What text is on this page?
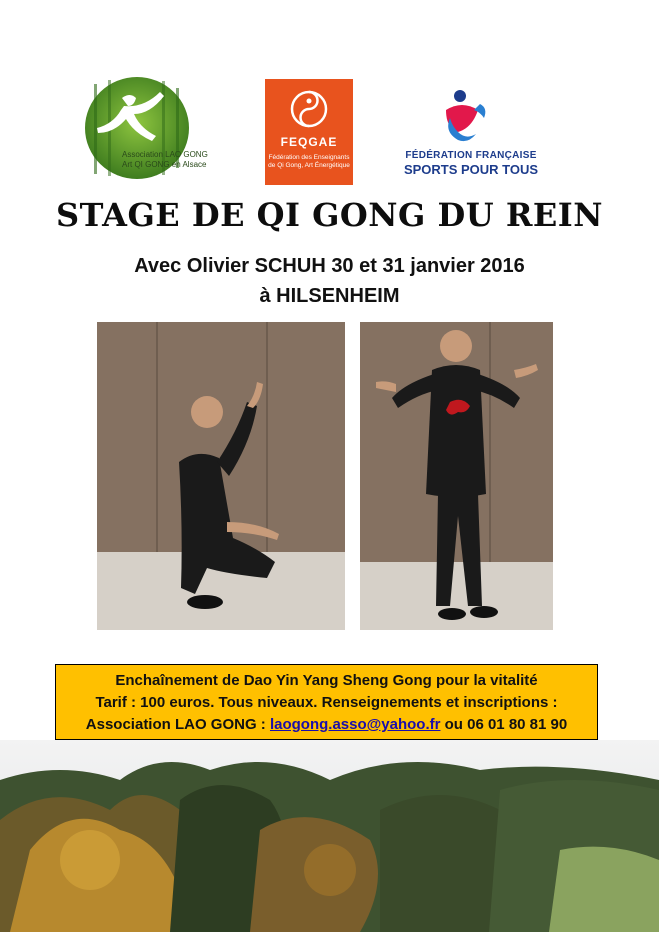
Association LAO GONG
Art QI GONG en Alsace
FEQGAE
Fédération des Enseignants de Qi Gong, Art Énergétique
FÉDÉRATION FRANÇAISE
SPORTS POUR TOUS
STAGE DE QI GONG DU REIN
Avec Olivier SCHUH 30 et 31 janvier 2016
à HILSENHEIM
Enchaînement de Dao Yin Yang Sheng Gong pour la vitalité
Tarif : 100 euros. Tous niveaux. Renseignements et inscriptions :
Association LAO GONG : laogong.asso@yahoo.fr ou 06 01 80 81 90
